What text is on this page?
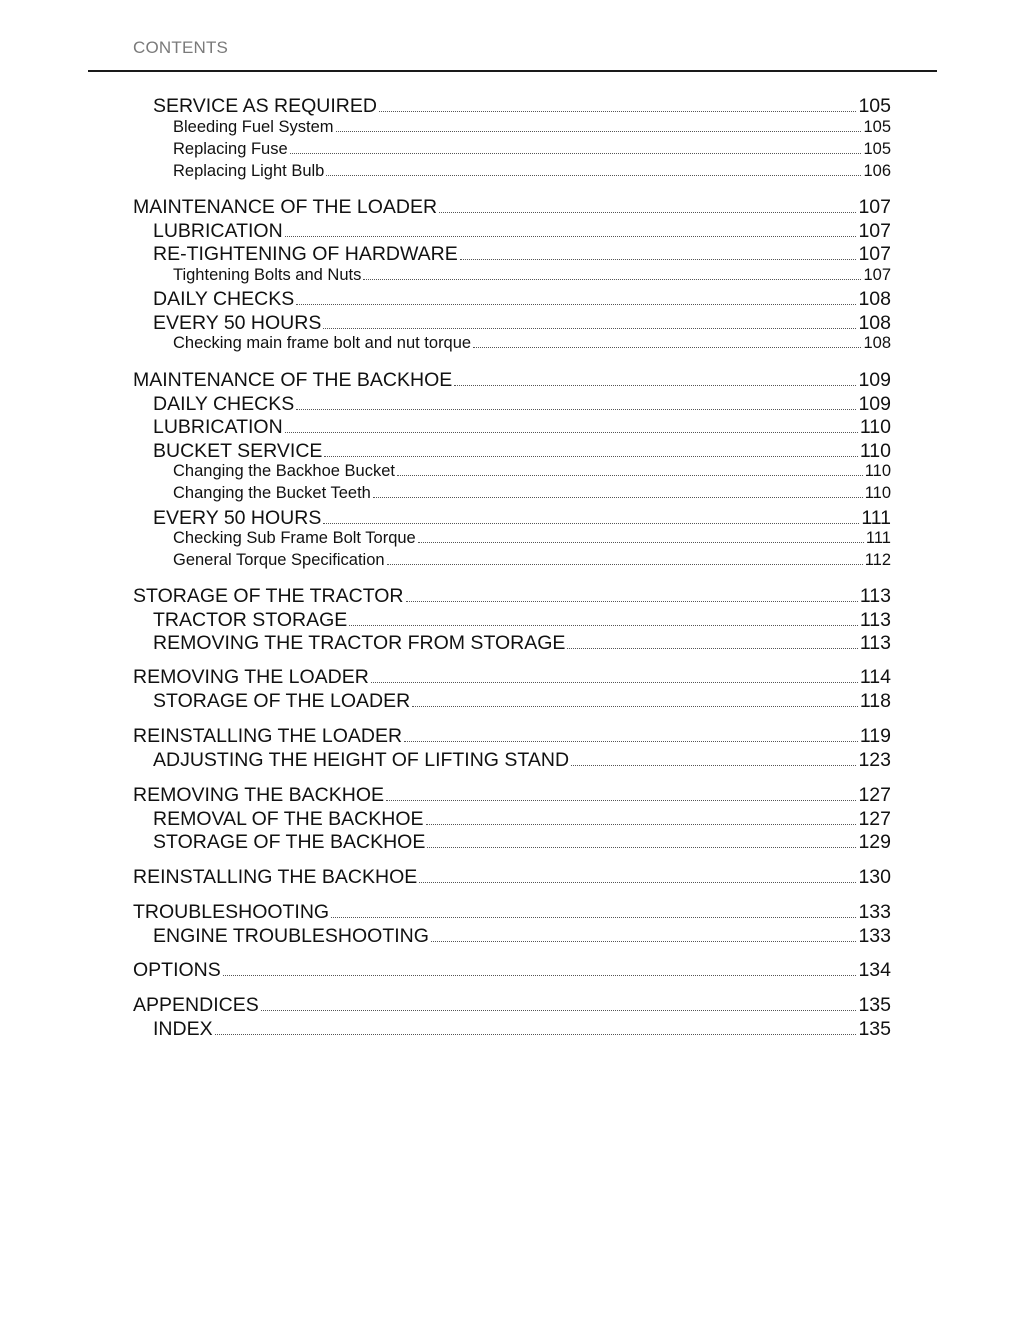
CONTENTS
SERVICE AS REQUIRED	105
Bleeding Fuel System	105
Replacing Fuse	105
Replacing Light Bulb	106
MAINTENANCE OF THE LOADER	107
LUBRICATION	107
RE-TIGHTENING OF HARDWARE	107
Tightening Bolts and Nuts	107
DAILY CHECKS	108
EVERY 50 HOURS	108
Checking main frame bolt and nut torque	108
MAINTENANCE OF THE BACKHOE	109
DAILY CHECKS	109
LUBRICATION	110
BUCKET SERVICE	110
Changing the Backhoe Bucket	110
Changing the Bucket Teeth	110
EVERY 50 HOURS	111
Checking Sub Frame Bolt Torque	111
General Torque Specification	112
STORAGE OF THE TRACTOR	113
TRACTOR STORAGE	113
REMOVING THE TRACTOR FROM STORAGE	113
REMOVING THE LOADER	114
STORAGE OF THE LOADER	118
REINSTALLING THE LOADER	119
ADJUSTING THE HEIGHT OF LIFTING STAND	123
REMOVING THE BACKHOE	127
REMOVAL OF THE BACKHOE	127
STORAGE OF THE BACKHOE	129
REINSTALLING THE BACKHOE	130
TROUBLESHOOTING	133
ENGINE TROUBLESHOOTING	133
OPTIONS	134
APPENDICES	135
INDEX	135
